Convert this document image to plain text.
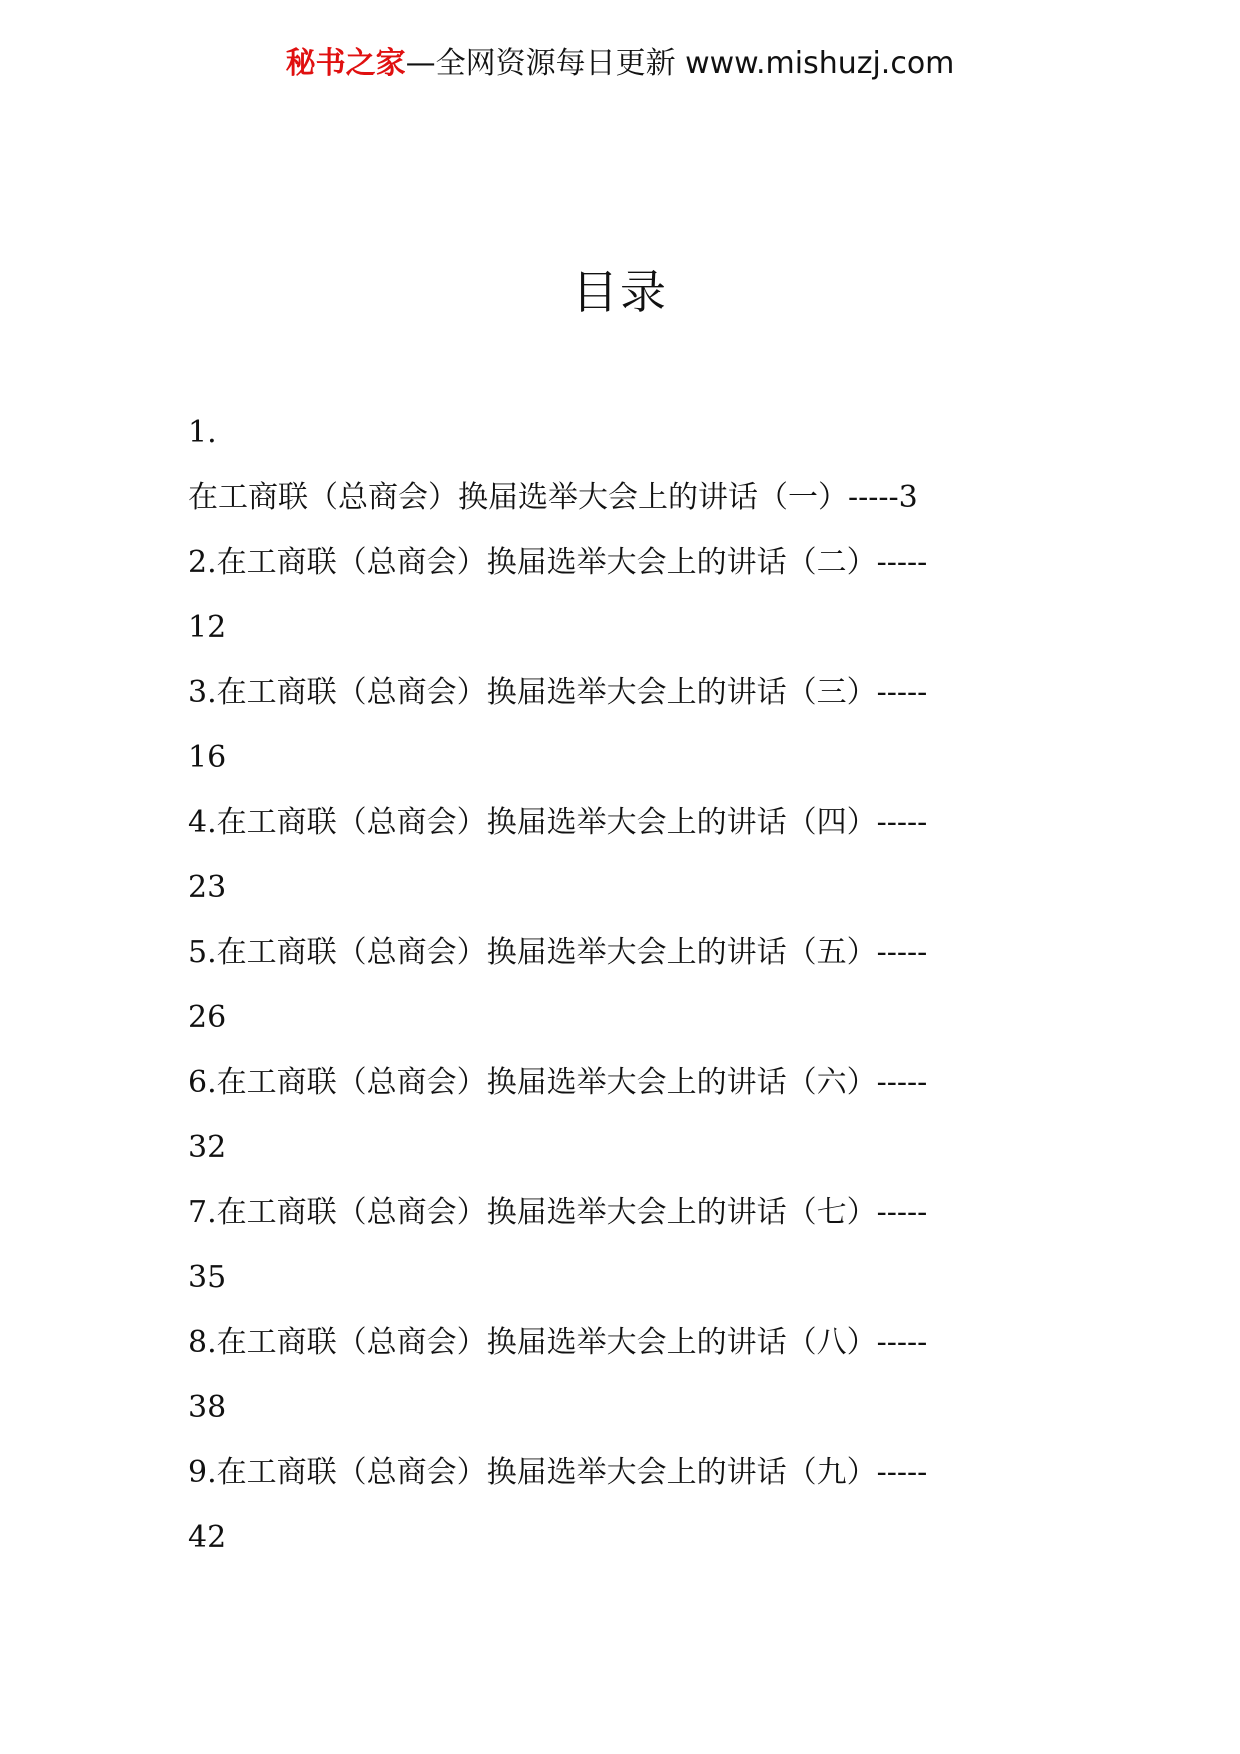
秘书之家—全网资源每日更新 www.mishuzj.com
目录
1.
在工商联（总商会）换届选举大会上的讲话（一）-----3
2.在工商联（总商会）换届选举大会上的讲话（二）-----
12
3.在工商联（总商会）换届选举大会上的讲话（三）-----
16
4.在工商联（总商会）换届选举大会上的讲话（四）-----
23
5.在工商联（总商会）换届选举大会上的讲话（五）-----
26
6.在工商联（总商会）换届选举大会上的讲话（六）-----
32
7.在工商联（总商会）换届选举大会上的讲话（七）-----
35
8.在工商联（总商会）换届选举大会上的讲话（八）-----
38
9.在工商联（总商会）换届选举大会上的讲话（九）-----
42
